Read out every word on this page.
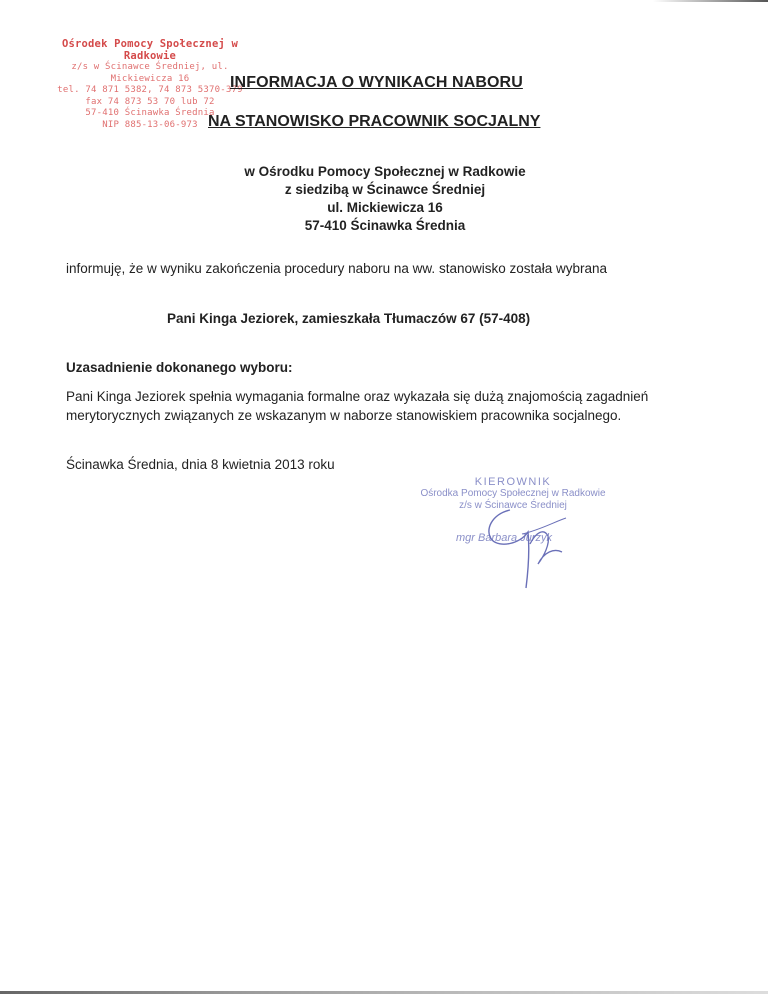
Ośrodek Pomocy Społecznej w Radkowie
z/s w Ścinawce Średniej, ul. Mickiewicza 16
tel. 74 871 5382, 74 873 5370-379
fax 74 873 53 70 lub 72
57-410 Ścinawka Średnia
NIP 885-13-06-973
INFORMACJA O WYNIKACH NABORU
NA STANOWISKO PRACOWNIK SOCJALNY
w Ośrodku Pomocy Społecznej w Radkowie
z siedzibą w Ścinawce Średniej
ul. Mickiewicza 16
57-410 Ścinawka Średnia
informuję, że w wyniku zakończenia procedury naboru na ww. stanowisko została wybrana
Pani Kinga Jeziorek, zamieszkała Tłumaczów 67 (57-408)
Uzasadnienie dokonanego wyboru:
Pani Kinga Jeziorek spełnia wymagania formalne oraz wykazała się dużą znajomością zagadnień merytorycznych związanych ze wskazanym w naborze stanowiskiem pracownika socjalnego.
Ścinawka Średnia, dnia 8 kwietnia 2013 roku
KIEROWNIK
Ośrodka Pomocy Społecznej w Radkowie
z/s w Ścinawce Średniej
mgr Barbara Jurzyk
